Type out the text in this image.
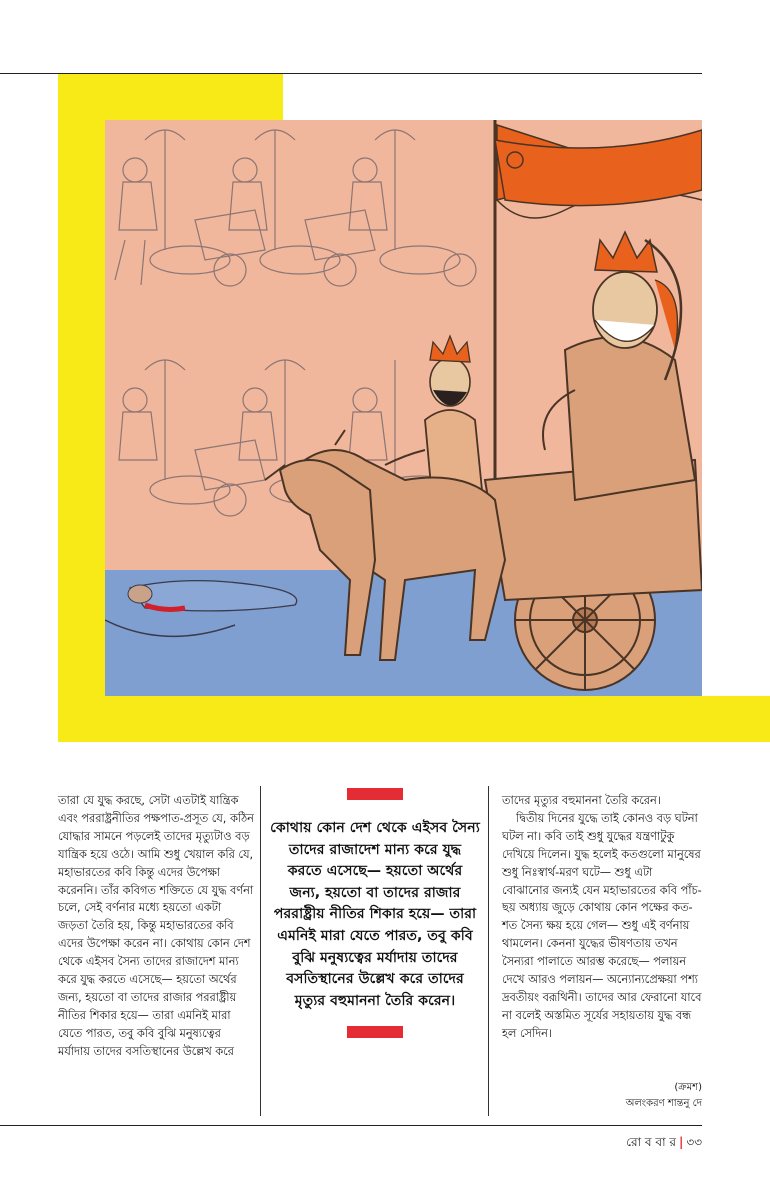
তারা যে যুদ্ধ করছে, সেটা এতটাই যান্ত্রিক এবং পররাষ্ট্রনীতির পক্ষপাত-প্রসূত যে, কঠিন যোদ্ধার সামনে পড়লেই তাদের মৃত্যুটাও বড় যান্ত্রিক হয়ে ওঠে। আমি শুধু খেয়াল করি যে, মহাভারতের কবি কিন্তু এদের উপেক্ষা করেননি। তাঁর কবিগত শক্তিতে যে যুদ্ধ বর্ণনা চলে, সেই বর্ণনার মধ্যে হয়তো একটা জড়তা তৈরি হয়, কিন্তু মহাভারতের কবি এদের উপেক্ষা করেন না। কোথায় কোন দেশ থেকে এইসব সৈন্য তাদের রাজাদেশ মান্য করে যুদ্ধ করতে এসেছে— হয়তো অর্থের জন্য, হয়তো বা তাদের রাজার পররাষ্ট্রীয় নীতির শিকার হয়ে— তারা এমনিই মারা যেতে পারত, তবু কবি বুঝি মনুষ্যত্বের মর্যাদায় তাদের বসতিস্থানের উল্লেখ করে

কোথায় কোন দেশ থেকে এইসব সৈন্য তাদের রাজাদেশ মান্য করে যুদ্ধ করতে এসেছে— হয়তো অর্থের জন্য, হয়তো বা তাদের রাজার পররাষ্ট্রীয় নীতির শিকার হয়ে— তারা এমনিই মারা যেতে পারত, তবু কবি বুঝি মনুষ্যত্বের মর্যাদায় তাদের বসতিস্থানের উল্লেখ করে তাদের মৃত্যুর বহুমাননা তৈরি করেন।

তাদের মৃত্যুর বহুমাননা তৈরি করেন।

দ্বিতীয় দিনের যুদ্ধে তাই কোনও বড় ঘটনা ঘটল না। কবি তাই শুধু যুদ্ধের যন্ত্রণাটুকু দেখিয়ে দিলেন। যুদ্ধ হলেই কতগুলো মানুষের শুধু নিঃস্বার্থ-মরণ ঘটে— শুধু এটা বোঝানোর জন্যই যেন মহাভারতের কবি পাঁচ-ছয় অধ্যায় জুড়ে কোথায় কোন পক্ষের কত-শত সৈন্য ক্ষয় হয়ে গেল— শুধু এই বর্ণনায় থামলেন। কেননা যুদ্ধের ভীষণতায় তখন সৈন্যরা পালাতে আরম্ভ করেছে— পলায়ন দেখে আরও পলায়ন— অন্যোন্যপ্রেক্ষয়া পশ্য দ্রবতীয়ং বরূথিনী। তাদের আর ফেরানো যাবে না বলেই অস্তমিত সূর্যের সহায়তায় যুদ্ধ বন্ধ হল সেদিন।

(ক্রমশ)
অলংকরণ শান্তনু দে
রো ব বা র | ৩৩
